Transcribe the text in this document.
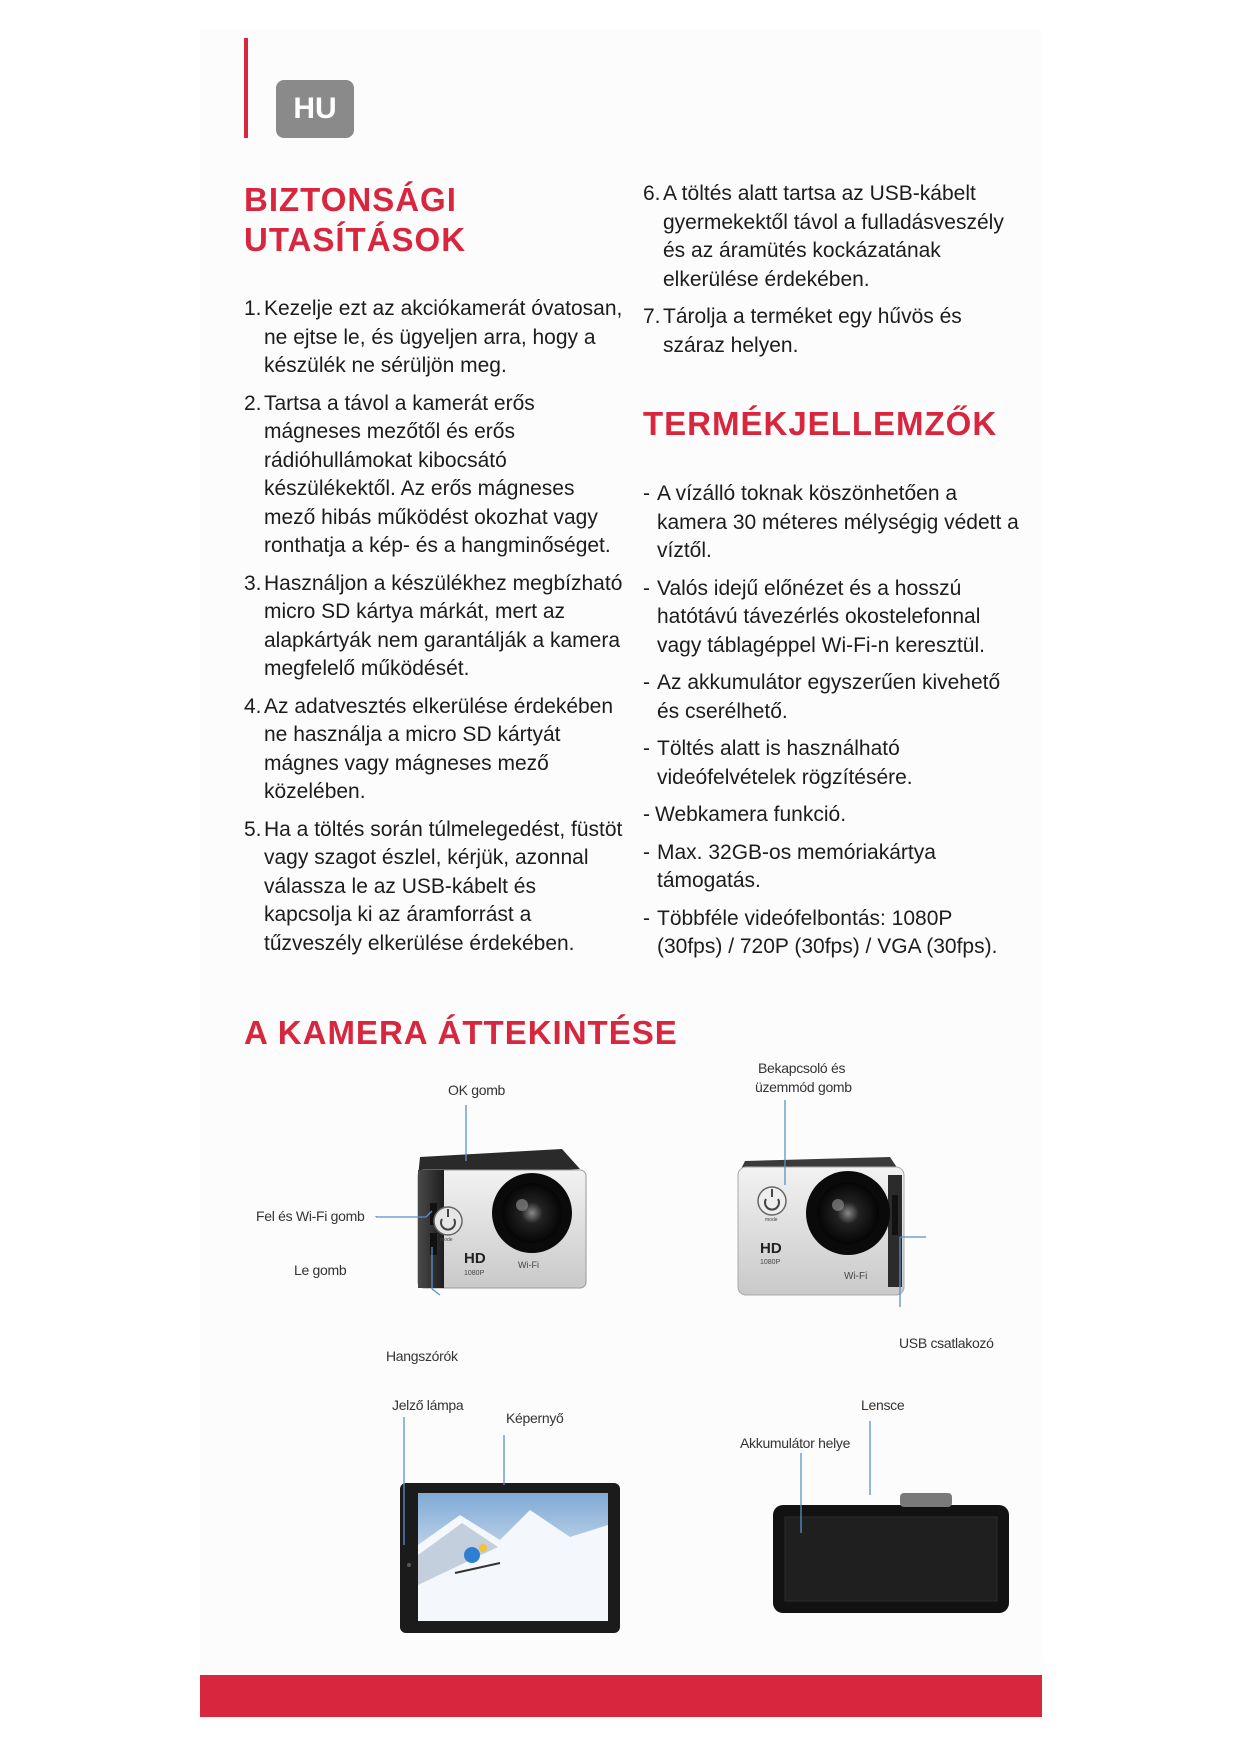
HU
BIZTONSÁGI UTASÍTÁSOK
1. Kezelje ezt az akciókamerát óvatosan, ne ejtse le, és ügyeljen arra, hogy a készülék ne sérüljön meg.
2. Tartsa a távol a kamerát erős mágneses mezőtől és erős rádióhullámokat kibocsátó készülékektől. Az erős mágneses mező hibás működést okozhat vagy ronthatja a kép- és a hangminőséget.
3. Használjon a készülékhez megbízható micro SD kártya márkát, mert az alapkártyák nem garantálják a kamera megfelelő működését.
4. Az adatvesztés elkerülése érdekében ne használja a micro SD kártyát mágnes vagy mágneses mező közelében.
5. Ha a töltés során túlmelegedést, füstöt vagy szagot észlel, kérjük, azonnal válassza le az USB-kábelt és kapcsolja ki az áramforrást a tűzveszély elkerülése érdekében.
6. A töltés alatt tartsa az USB-kábelt gyermekektől távol a fulladásveszély és az áramütés kockázatának elkerülése érdekében.
7. Tárolja a terméket egy hűvös és száraz helyen.
TERMÉKJELLEMZŐK
- A vízálló toknak köszönhetően a kamera 30 méteres mélységig védett a víztől.
- Valós idejű előnézet és a hosszú hatótávú távezérlés okostelefonnal vagy táblagéppel Wi-Fi-n keresztül.
- Az akkumulátor egyszerűen kivehető és cserélhető.
- Töltés alatt is használható videófelvételek rögzítésére.
- Webkamera funkció.
- Max. 32GB-os memóriakártya támogatás.
- Többféle videófelbontás: 1080P (30fps) / 720P (30fps) / VGA (30fps).
A KAMERA ÁTTEKINTÉSE
OK gomb
Bekapcsoló és
üzemmód gomb
Fel és Wi-Fi gomb
Le gomb
Hangszórók
USB csatlakozó
Jelző lámpa
Képernyő
Lensce
Akkumulátor helye
HD
1080P
Wi-Fi
mode	HD
1080P
Wi-Fi
mode
